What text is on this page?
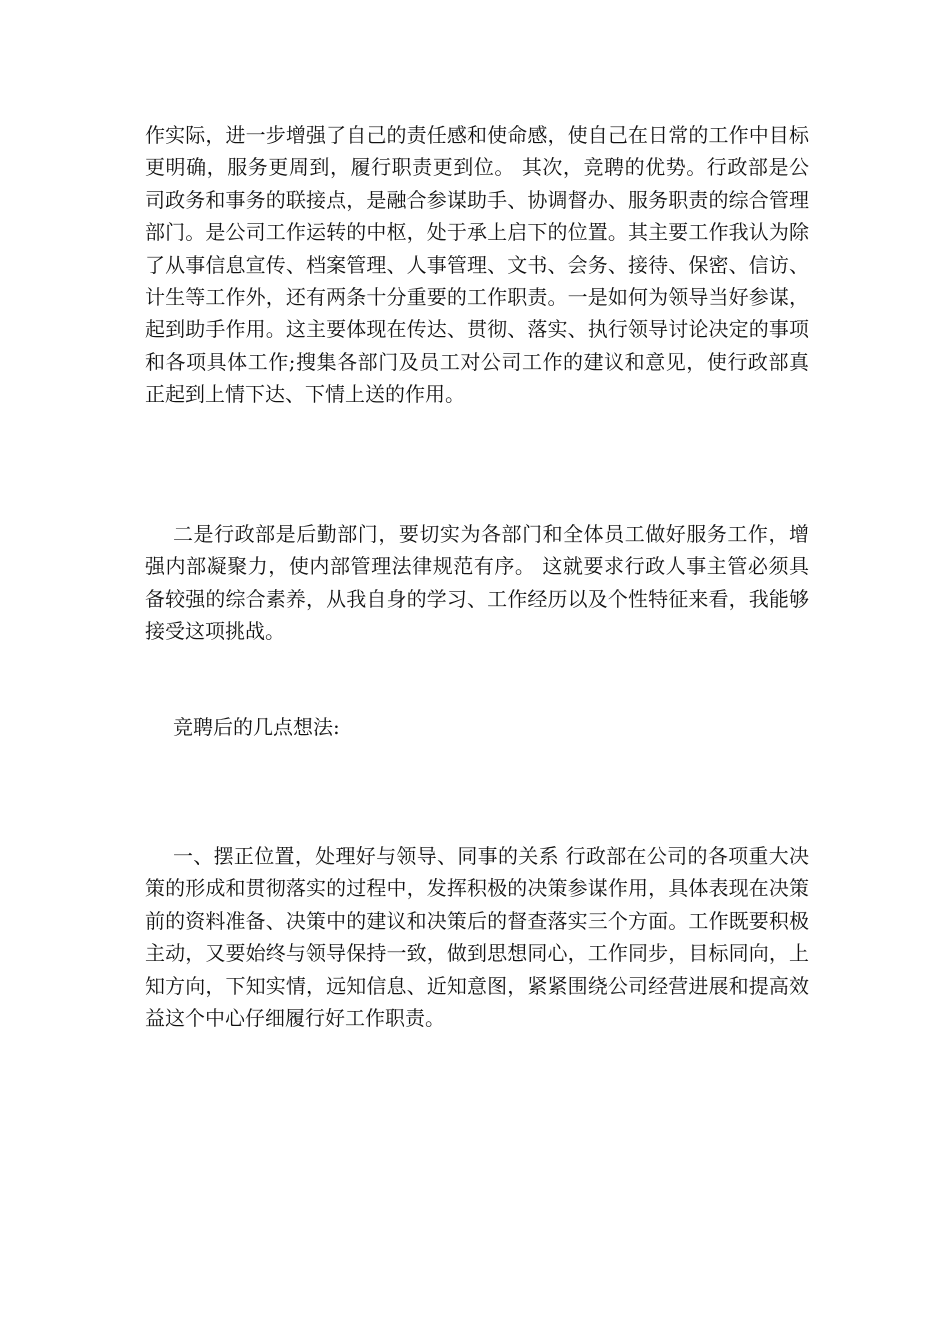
作实际，进一步增强了自己的责任感和使命感，使自己在日常的工作中目标更明确，服务更周到，履行职责更到位。 其次，竞聘的优势。行政部是公司政务和事务的联接点，是融合参谋助手、协调督办、服务职责的综合管理部门。是公司工作运转的中枢，处于承上启下的位置。其主要工作我认为除了从事信息宣传、档案管理、人事管理、文书、会务、接待、保密、信访、计生等工作外，还有两条十分重要的工作职责。一是如何为领导当好参谋，起到助手作用。这主要体现在传达、贯彻、落实、执行领导讨论决定的事项和各项具体工作;搜集各部门及员工对公司工作的建议和意见，使行政部真正起到上情下达、下情上送的作用。

二是行政部是后勤部门，要切实为各部门和全体员工做好服务工作，增强内部凝聚力，使内部管理法律规范有序。 这就要求行政人事主管必须具备较强的综合素养，从我自身的学习、工作经历以及个性特征来看，我能够接受这项挑战。

竞聘后的几点想法:

一、摆正位置，处理好与领导、同事的关系 行政部在公司的各项重大决策的形成和贯彻落实的过程中，发挥积极的决策参谋作用，具体表现在决策前的资料准备、决策中的建议和决策后的督查落实三个方面。工作既要积极主动，又要始终与领导保持一致，做到思想同心，工作同步，目标同向，上知方向，下知实情，远知信息、近知意图，紧紧围绕公司经营进展和提高效益这个中心仔细履行好工作职责。
